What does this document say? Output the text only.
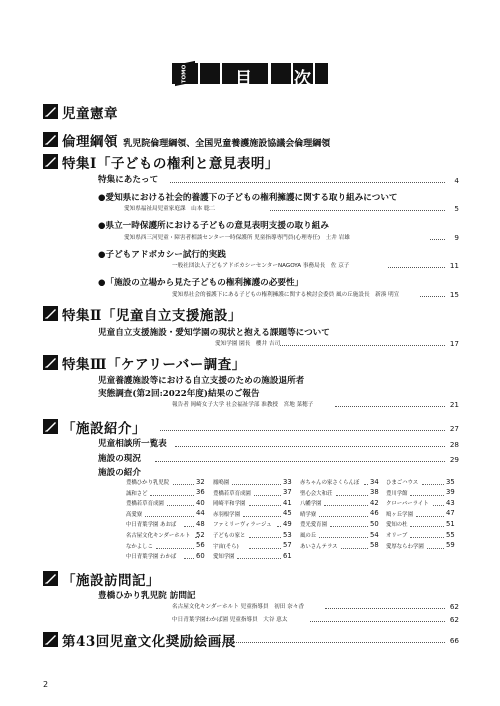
TOMO	目 次
児童憲章
倫理綱領 乳児院倫理綱領、全国児童養護施設協議会倫理綱領
特集Ⅰ「子どもの権利と意見表明」
特集にあたって	4
●愛知県における社会的養護下の子どもの権利擁護に関する取り組みについて
愛知県福祉局児童家庭課　山本 聡二	5
●県立一時保護所における子どもの意見表明支援の取り組み
愛知県西三河児童・障害者相談センター一時保護所 児童指導専門員(心理専任)　土井 岩雄	9
●子どもアドボカシー試行的実践
一般社団法人子どもアドボカシーセンターNAGOYA 事務局長　佐 京子	11
●「施設の立場から見た子どもの権利擁護の必要性」
愛知県社会的養護下にある子どもの権利擁護に関する検討会委員 風の丘施設長　新湊 明宣	15
特集Ⅱ「児童自立支援施設」
児童自立支援施設・愛知学園の現状と抱える課題等について
愛知学園 園長　櫻井 吉司	17
特集Ⅲ「ケアリーバー調査」
児童養護施設等における自立支援のための施設退所者
実態調査(第2回:2022年度)結果のご報告
報告者 岡崎女子大学 社会福祉学部 准教授　宮地 菜穂子	21
「施設紹介」	27
児童相談所一覧表	28
施設の現況	29
施設の紹介
豊橋ひかり乳児院	32 鳳鳴園	33 赤ちゃんの家さくらんぼ 34 ひまごハウス	35
誠和さど	36 豊橋若草育成園	37 聖心会大和荘	38 豊川学館	39
豊橋若草育成園	40 岡崎平和学園	41 八幡学園	42 クローバーライト	43
高愛寮	44 赤羽根学園	45 晴学寮	46 鳩ヶ丘学園	47
中日青葉学園 あおば	48 ファミリーヴィラージュ 49 豊光愛育園	50 愛知の杜	51
名古屋文化キンダーホルト 52 子どもの家と	53 風の丘	54 オリーブ	55
なかよしこ	56 宇宙(そら)	57 あいさんテラス	58 愛厚ならわ学園	59
中日青葉学園 わかば	60 愛知学園	61
「施設訪問記」
豊橋ひかり乳児院 訪問記
名古屋文化キンダーホルト 児童指導員　初田 奈々香	62
中日青葉学園わかば園 児童指導員　大谷 恵太	62
第43回児童文化奨励絵画展	66
2
